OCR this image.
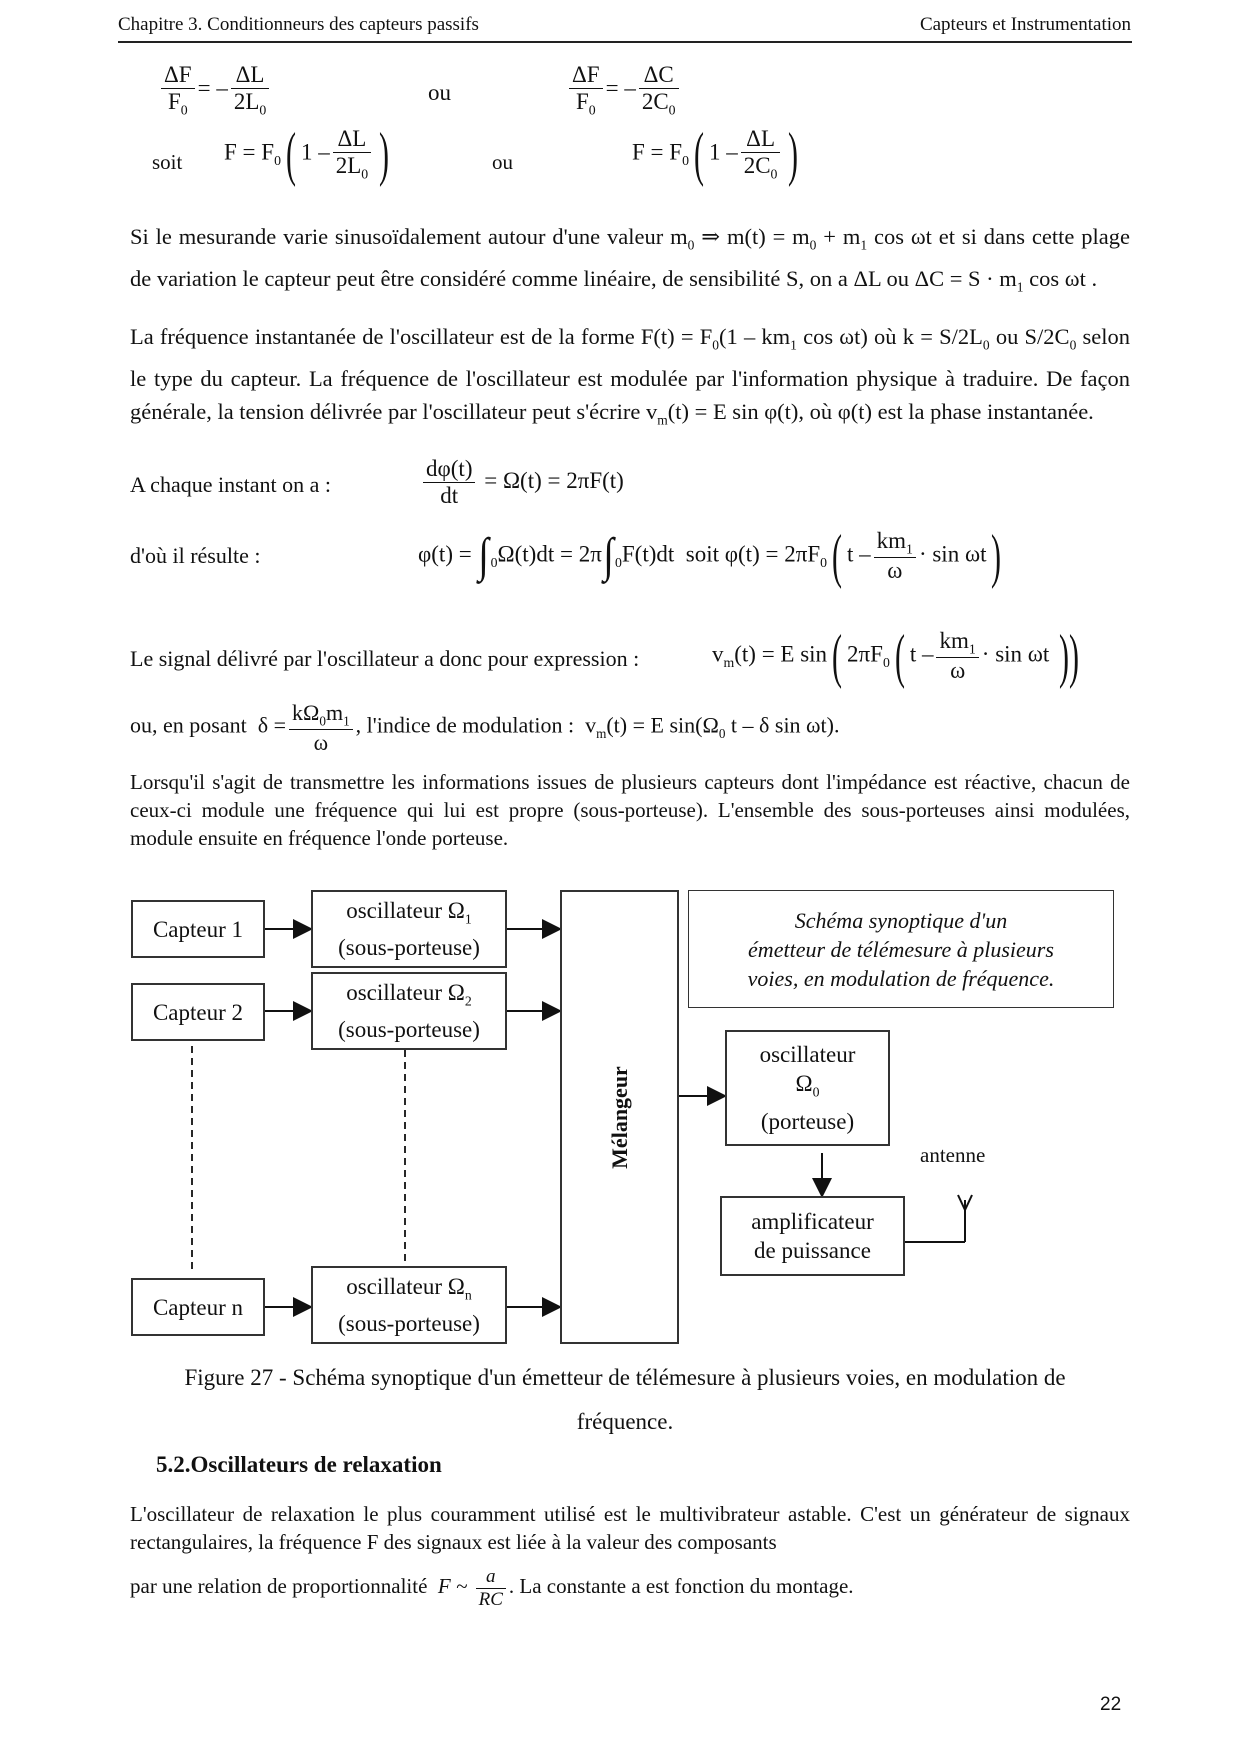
Chapitre 3. Conditionneurs des capteurs passifs	Capteurs et Instrumentation
$\frac{\Delta F}{F_0}$ = – $\frac{\Delta L}{2L_0}$	ou	$\frac{\Delta F}{F_0}$ = – $\frac{\Delta C}{2C_0}$
soit $F = F_0$( $1 - \frac{\Delta L}{2L_0}$ )	ou	$F = F_0$( $1 - \frac{\Delta L}{2C_0}$ )
Si le mesurande varie sinusoïdalement autour d'une valeur $m_0$ ⇒ $m(t) = m_0 + m_1$ cos ωt et si dans cette plage de variation le capteur peut être considéré comme linéaire, de sensibilité S, on a ΔL ou $\Delta C = S \cdot m_1$ cos ωt .
La fréquence instantanée de l'oscillateur est de la forme $F(t) = F_0(1 - km_1$ cos ωt) où $k = S/2L_0$ ou $S/2C_0$ selon le type du capteur. La fréquence de l'oscillateur est modulée par l'information physique à traduire. De façon générale, la tension délivrée par l'oscillateur peut s'écrire $v_m(t) = E$ sin φ(t), où φ(t) est la phase instantanée.
A chaque instant on a :	$\frac{d\varphi(t)}{dt} = \Omega(t) = 2\pi F(t)$
d'où il résulte :	$\varphi(t) = \int_0\Omega(t)dt = 2\pi\int_0F(t)dt$  soit $\varphi(t) = 2\pi F_0$( $t - \frac{km_1}{\omega} \cdot \sin \omega t$)
Le signal délivré par l'oscillateur a donc pour expression :	$v_m(t) = E$ sin( $2\pi F_0$( $t - \frac{km_1}{\omega} \cdot \sin \omega t$ ))
ou, en posant  $\delta = \frac{k\Omega_0m_1}{\omega}$ , l'indice de modulation :  $v_m(t) = E$ $\sin(\Omega_0$ t – δ sin ωt).
Lorsqu'il s'agit de transmettre les informations issues de plusieurs capteurs dont l'impédance est réactive, chacun de ceux-ci module une fréquence qui lui est propre (sous-porteuse). L'ensemble des sous-porteuses ainsi modulées, module ensuite en fréquence l'onde porteuse.
Capteur 1
Capteur 2
Capteur n
oscillateur $\Omega_1$
(sous-porteuse)
oscillateur $\Omega_2$
(sous-porteuse)
oscillateur $\Omega_n$
(sous-porteuse)
Mélangeur
Schéma synoptique d'un
émetteur de télémesure à plusieurs
voies, en modulation de fréquence.
oscillateur
$\Omega_0$
(porteuse)
antenne
amplificateur
de puissance
Figure 27 - Schéma synoptique d'un émetteur de télémesure à plusieurs voies, en modulation de
fréquence.
5.2.Oscillateurs de relaxation
L'oscillateur de relaxation le plus couramment utilisé est le multivibrateur astable. C'est un générateur de signaux rectangulaires, la fréquence F des signaux est liée à la valeur des composants
par une relation de proportionnalité F ~ $\frac{a}{RC}$ . La constante a est fonction du montage.
22
